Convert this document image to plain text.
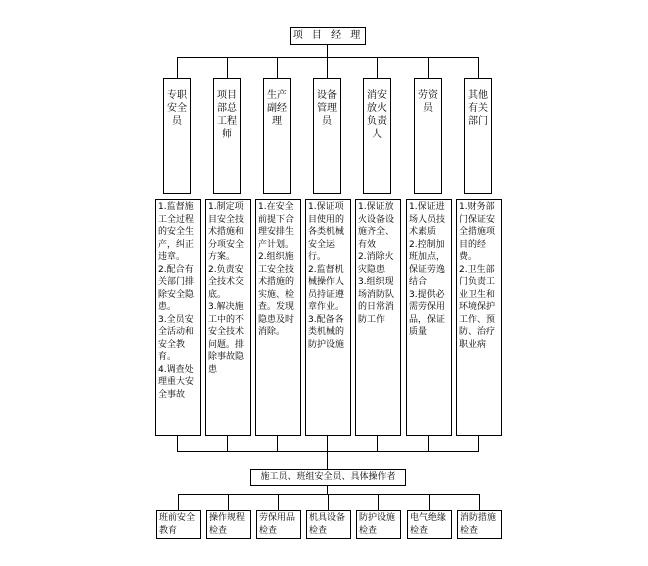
项 目 经 理
专职安全员
项目部总工程师
生产副经理
设备管理员
消安放火负责人
劳资员
其他有关部门

1.监督施工全过程的安全生产，纠正违章。

2.配合有关部门排除安全隐患。

3.全员安全活动和安全教育。

4.调查处理重大安全事故

1.制定项目安全技术措施和分项安全方案。

2.负责安全技术交底。

3.解决施工中的不安全技术问题。排除事故隐患

1.在安全前提下合理安排生产计划。

2.组织施工安全技术措施的实施、检查。发现隐患及时消除。

1.保证项目使用的各类机械安全运行。

2.监督机械操作人员持证遵章作业。

3.配备各类机械的防护设施

1.保证放火设备设施齐全、有效

2.消除火灾隐患

3.组织现场消防队的日常消防工作

1.保证进场人员技术素质

2.控制加班加点，保证劳逸结合

3.提供必需劳保用品，保证质量

1.财务部门保证安全措施项目的经费。

2.卫生部门负责工业卫生和环境保护工作、预防、治疗职业病

施工员、班组安全员、具体操作者
班前安全教育
操作规程检查
劳保用品检查
机具设备检查
防护设施检查
电气绝缘检查
消防措施检查
